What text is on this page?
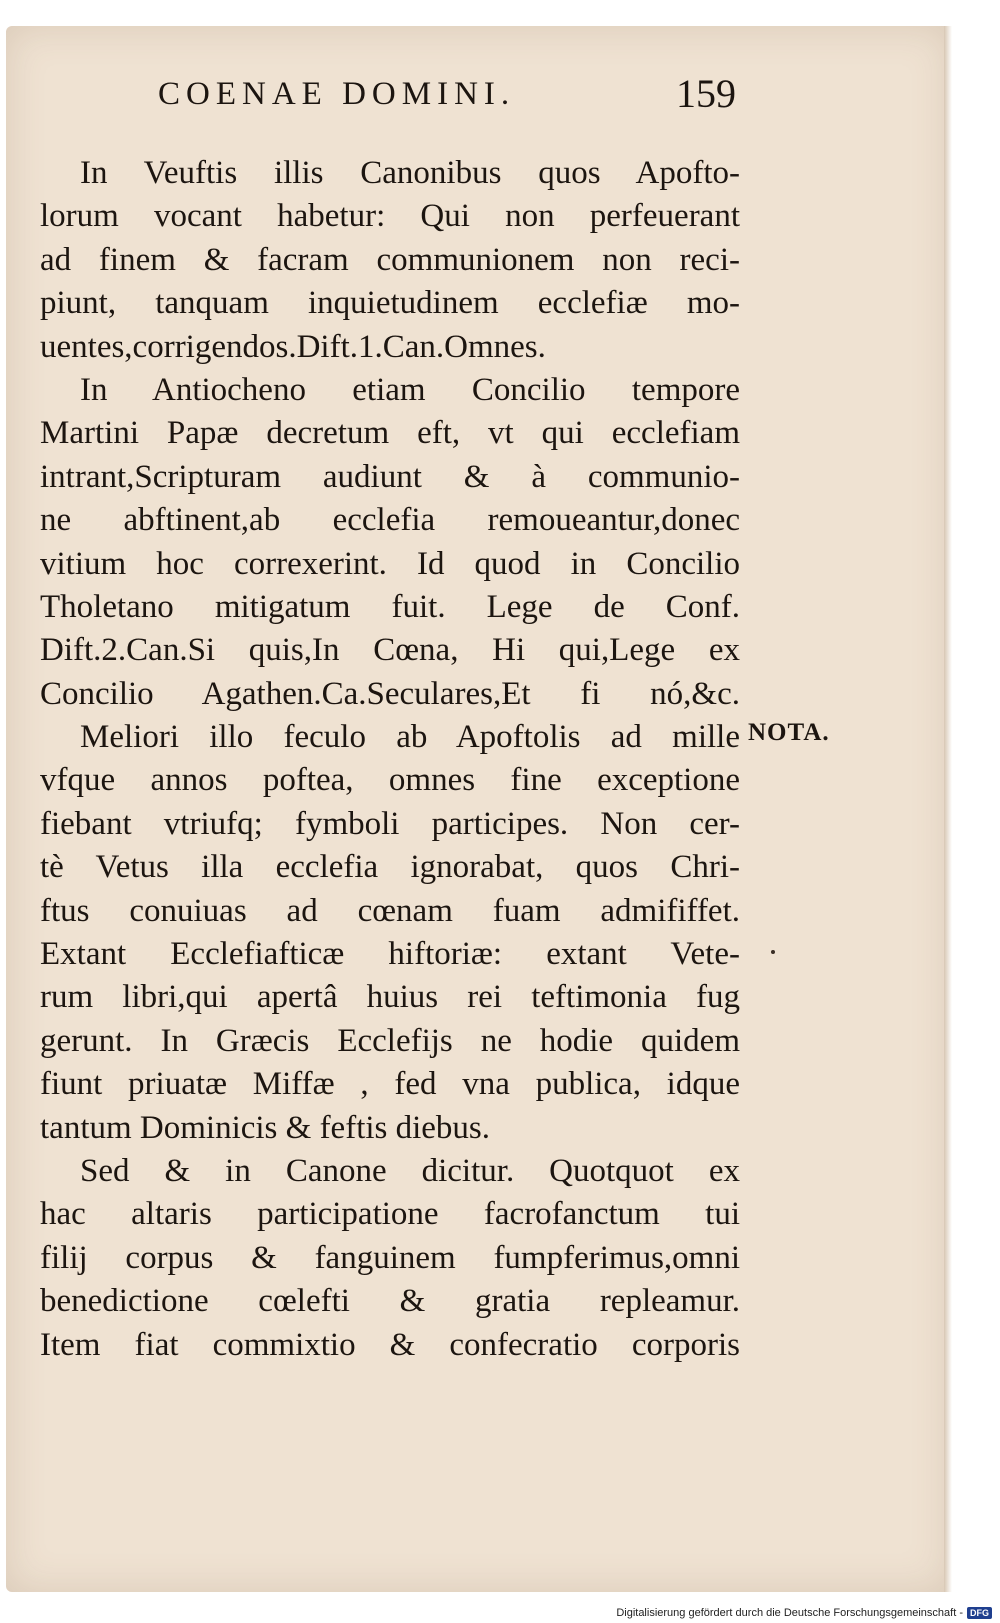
COENAE DOMINI.	159
In Veuftis illis Canonibus quos Apofto-
lorum vocant habetur: Qui non perfeuerant
ad finem & facram communionem non reci-
piunt, tanquam inquietudinem ecclefiæ mo-
uentes,corrigendos.Dift.1.Can.Omnes.
In Antiocheno etiam Concilio tempore
Martini Papæ decretum eft, vt qui ecclefiam
intrant,Scripturam audiunt & à communio-
ne abftinent,ab ecclefia remoueantur,donec
vitium hoc correxerint. Id quod in Concilio
Tholetano mitigatum fuit. Lege de Conf.
Dift.2.Can.Si quis,In Cœna, Hi qui,Lege ex
Concilio Agathen.Ca.Seculares,Et fi nó,&c.
Meliori illo feculo ab Apoftolis ad mille
vfque annos poftea, omnes fine exceptione
fiebant vtriufq; fymboli participes. Non cer-
tè Vetus illa ecclefia ignorabat, quos Chri-
ftus conuiuas ad cœnam fuam admififfet.
Extant Ecclefiafticæ hiftoriæ: extant Vete-
rum libri,qui apertâ huius rei teftimonia fug
gerunt. In Græcis Ecclefijs ne hodie quidem
fiunt priuatæ Miffæ , fed vna publica, idque
tantum Dominicis & feftis diebus.
Sed & in Canone dicitur. Quotquot ex
hac altaris participatione facrofanctum tui
filij corpus & fanguinem fumpferimus,omni
benedictione cœlefti & gratia repleamur.
Item fiat commixtio & confecratio corporis
NOTA.
Digitalisierung gefördert durch die Deutsche Forschungsgemeinschaft - DFG
